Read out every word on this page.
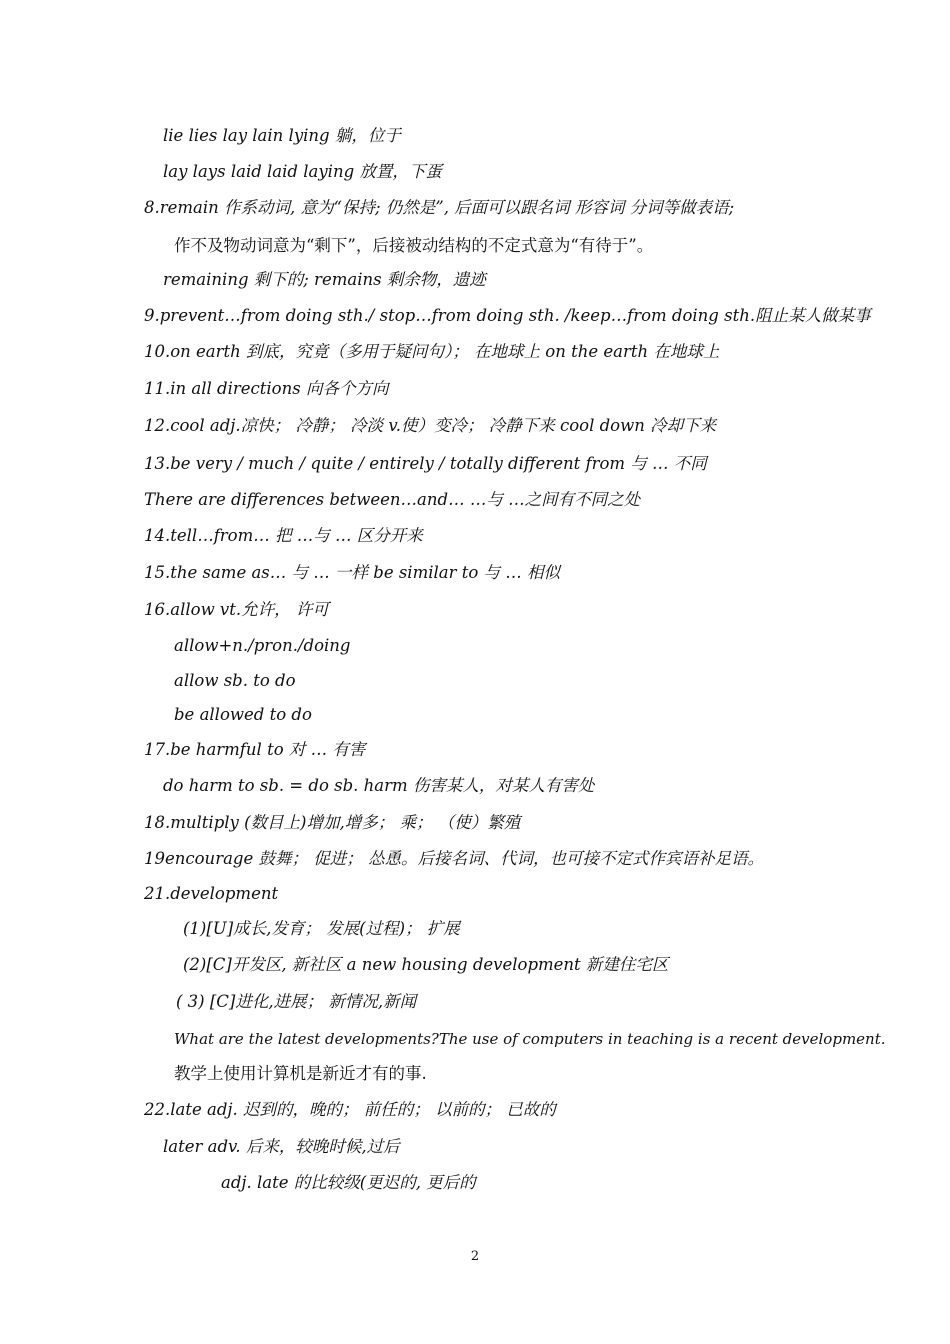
lie lies lay lain lying 躺，位于
lay lays laid laid laying 放置，下蛋
8.remain 作系动词, 意为“保持; 仍然是”, 后面可以跟名词 形容词 分词等做表语;
作不及物动词意为“剩下”，后接被动结构的不定式意为“有待于”。
remaining 剩下的; remains 剩余物，遗迹
9.prevent…from doing sth./ stop…from doing sth. /keep…from doing sth.阻止某人做某事
10.on earth 到底，究竟（多用于疑问句）； 在地球上 on the earth 在地球上
11.in all directions 向各个方向
12.cool adj.凉快； 冷静； 冷淡 v.使）变冷； 冷静下来 cool down 冷却下来
13.be very / much / quite / entirely / totally different from 与 … 不同
There are differences between…and… …与 …之间有不同之处
14.tell…from… 把 …与 … 区分开来
15.the same as… 与 … 一样 be similar to 与 … 相似
16.allow vt.允许， 许可
allow+n./pron./doing
allow sb. to do
be allowed to do
17.be harmful to 对 … 有害
do harm to sb. = do sb. harm 伤害某人，对某人有害处
18.multiply (数目上)增加,增多； 乘； （使）繁殖
19encourage 鼓舞； 促进； 怂恿。后接名词、代词，也可接不定式作宾语补足语。
21.development
(1)[U]成长,发育； 发展(过程)； 扩展
(2)[C]开发区, 新社区 a new housing development 新建住宅区
( 3) [C]进化,进展； 新情况,新闻
What are the latest developments?The use of computers in teaching is a recent development.
教学上使用计算机是新近才有的事.
22.late adj. 迟到的，晚的； 前任的； 以前的； 已故的
later adv. 后来，较晚时候,过后
adj. late 的比较级(更迟的, 更后的
2
